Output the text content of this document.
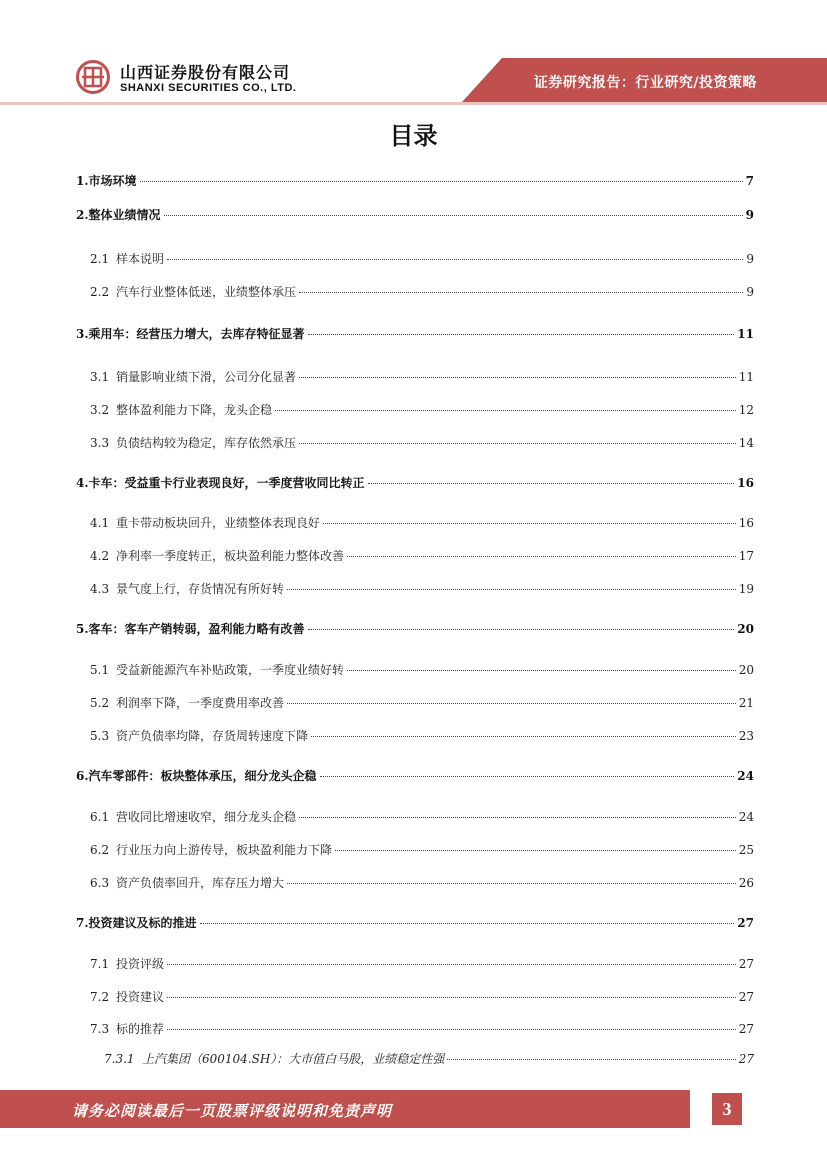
山西证券股份有限公司
SHANXI SECURITIES CO., LTD.	证券研究报告：行业研究/投资策略
目录
1.市场环境	7
2.整体业绩情况	9
2.1 样本说明	9
2.2 汽车行业整体低迷，业绩整体承压	9
3.乘用车：经营压力增大，去库存特征显著	11
3.1 销量影响业绩下滑，公司分化显著	11
3.2 整体盈利能力下降，龙头企稳	12
3.3 负债结构较为稳定，库存依然承压	14
4.卡车：受益重卡行业表现良好，一季度营收同比转正	16
4.1 重卡带动板块回升，业绩整体表现良好	16
4.2 净利率一季度转正，板块盈利能力整体改善	17
4.3 景气度上行，存货情况有所好转	19
5.客车：客车产销转弱，盈利能力略有改善	20
5.1 受益新能源汽车补贴政策，一季度业绩好转	20
5.2 利润率下降，一季度费用率改善	21
5.3 资产负债率均降，存货周转速度下降	23
6.汽车零部件：板块整体承压，细分龙头企稳	24
6.1 营收同比增速收窄，细分龙头企稳	24
6.2 行业压力向上游传导，板块盈利能力下降	25
6.3 资产负债率回升，库存压力增大	26
7.投资建议及标的推进	27
7.1 投资评级	27
7.2 投资建议	27
7.3 标的推荐	27
7.3.1 上汽集团（600104.SH）：大市值白马股，业绩稳定性强	27
请务必阅读最后一页股票评级说明和免责声明	3
